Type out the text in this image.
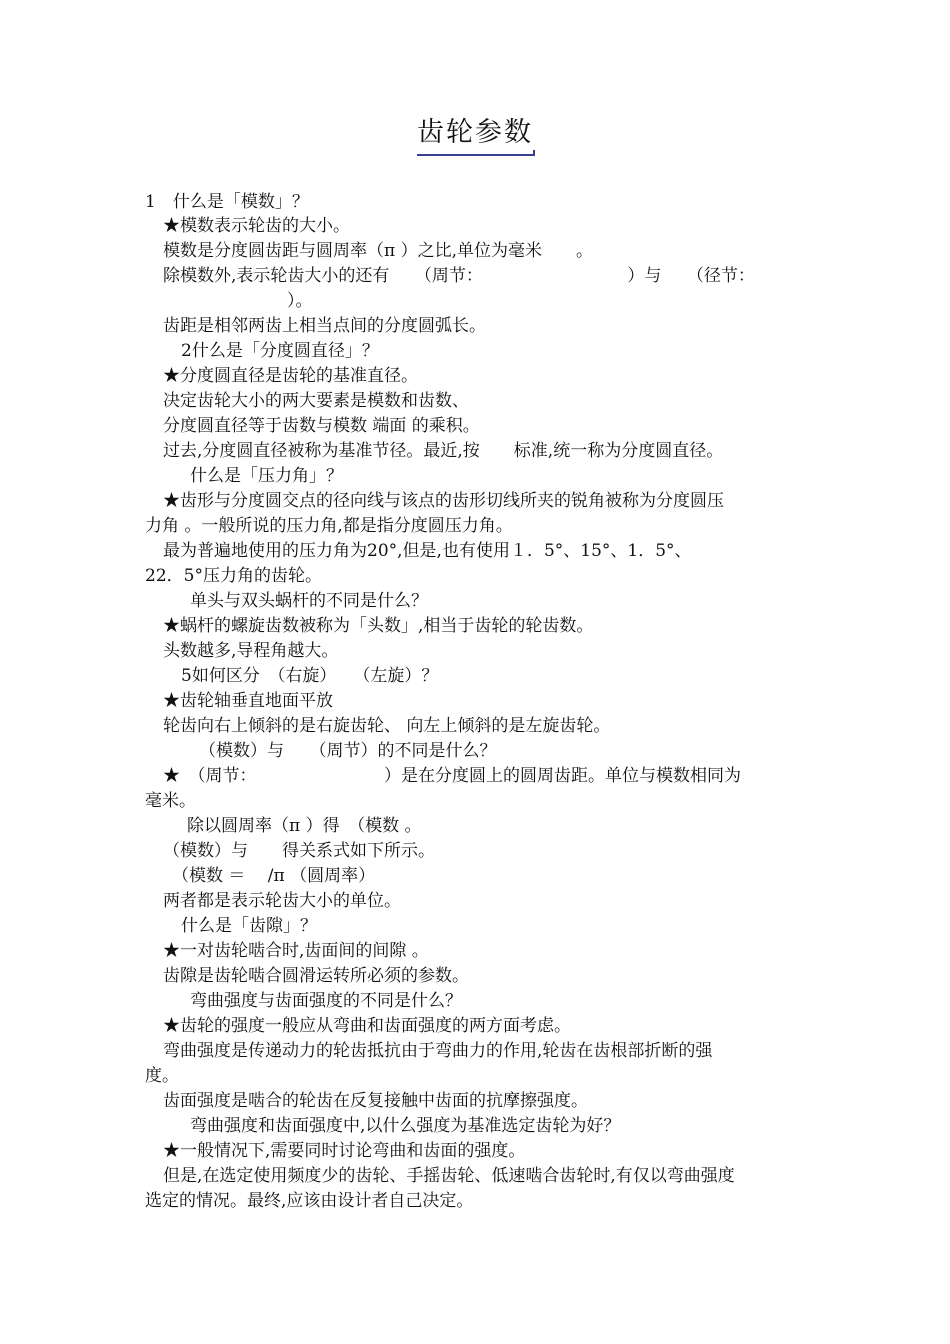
齿轮参数
1　什么是「模数」？
★模数表示轮齿的大小。
模数是分度圆齿距与圆周率（π ）之比,单位为毫米　　。
除模数外,表示轮齿大小的还有　　（周节：　　　　　　　　　）与　　（径节：
）。
齿距是相邻两齿上相当点间的分度圆弧长。
2什么是「分度圆直径」？
★分度圆直径是齿轮的基准直径。
决定齿轮大小的两大要素是模数和齿数、
分度圆直径等于齿数与模数 端面 的乘积。
过去,分度圆直径被称为基准节径。最近,按　　标准,统一称为分度圆直径。
什么是「压力角」？
★齿形与分度圆交点的径向线与该点的齿形切线所夹的锐角被称为分度圆压
力角 。一般所说的压力角,都是指分度圆压力角。
最为普遍地使用的压力角为20°,但是,也有使用１．5°、15°、1．5°、
22．5°压力角的齿轮。
单头与双头蜗杆的不同是什么？
★蜗杆的螺旋齿数被称为「头数」,相当于齿轮的轮齿数。
头数越多,导程角越大。
5如何区分　（右旋）　　（左旋）？
★齿轮轴垂直地面平放
轮齿向右上倾斜的是右旋齿轮、 向左上倾斜的是左旋齿轮。
（模数）与　　（周节）的不同是什么？
★　（周节：　　　　　　　　）是在分度圆上的圆周齿距。单位与模数相同为
毫米。
除以圆周率（π ）得　（模数 。
（模数）与　　得关系式如下所示。
（模数 ＝　 /π （圆周率）
两者都是表示轮齿大小的单位。
什么是「齿隙」？
★一对齿轮啮合时,齿面间的间隙 。
齿隙是齿轮啮合圆滑运转所必须的参数。
弯曲强度与齿面强度的不同是什么？
★齿轮的强度一般应从弯曲和齿面强度的两方面考虑。
弯曲强度是传递动力的轮齿抵抗由于弯曲力的作用,轮齿在齿根部折断的强
度。
齿面强度是啮合的轮齿在反复接触中齿面的抗摩擦强度。
弯曲强度和齿面强度中,以什么强度为基准选定齿轮为好？
★一般情况下,需要同时讨论弯曲和齿面的强度。
但是,在选定使用频度少的齿轮、手摇齿轮、低速啮合齿轮时,有仅以弯曲强度
选定的情况。最终,应该由设计者自己决定。
